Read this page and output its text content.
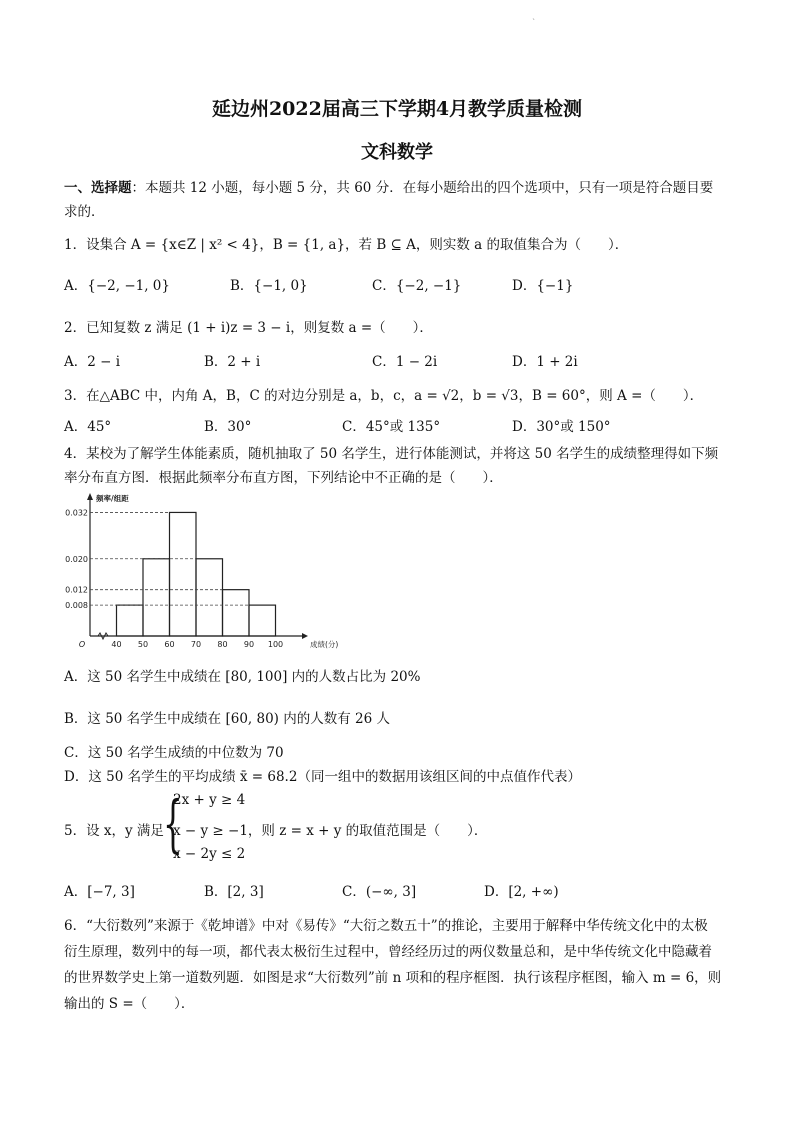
`
延边州2022届高三下学期4月教学质量检测
文科数学
一、选择题：本题共 12 小题，每小题 5 分，共 60 分．在每小题给出的四个选项中，只有一项是符合题目要
求的．
1．设集合 A = {x∈Z | x² < 4}，B = {1, a}，若 B ⊆ A，则实数 a 的取值集合为（　　）．
A．{−2, −1, 0}	B．{−1, 0}	C．{−2, −1}	D．{−1}
2．已知复数 z 满足 (1 + i)z = 3 − i，则复数 a =（　　）．
A．2 − i	B．2 + i	C．1 − 2i	D．1 + 2i
3．在△ABC 中，内角 A，B，C 的对边分别是 a，b，c，a = √2，b = √3，B = 60°，则 A =（　　）．
A．45°	B．30°	C．45°或 135°	D．30°或 150°
4．某校为了解学生体能素质，随机抽取了 50 名学生，进行体能测试，并将这 50 名学生的成绩整理得如下频
率分布直方图．根据此频率分布直方图，下列结论中不正确的是（　　）．
0.032
0.020
0.012
0.008
40 50 60 70 80 90 100
O	成绩(分)
频率/组距
A．这 50 名学生中成绩在 [80, 100] 内的人数占比为 20%
B．这 50 名学生中成绩在 [60, 80) 内的人数有 26 人
C．这 50 名学生成绩的中位数为 70
D．这 50 名学生的平均成绩 x̄ = 68.2（同一组中的数据用该组区间的中点值作代表）
5．设 x，y 满足 {
2x + y ≥ 4
x − y ≥ −1，则 z = x + y 的取值范围是（　　）．
x − 2y ≤ 2
A．[−7, 3]	B．[2, 3]	C．(−∞, 3]	D．[2, +∞)
6．“大衍数列”来源于《乾坤谱》中对《易传》“大衍之数五十”的推论，主要用于解释中华传统文化中的太极
衍生原理，数列中的每一项，都代表太极衍生过程中，曾经经历过的两仪数量总和，是中华传统文化中隐藏着
的世界数学史上第一道数列题．如图是求“大衍数列”前 n 项和的程序框图．执行该程序框图，输入 m = 6，则
输出的 S =（　　）．
